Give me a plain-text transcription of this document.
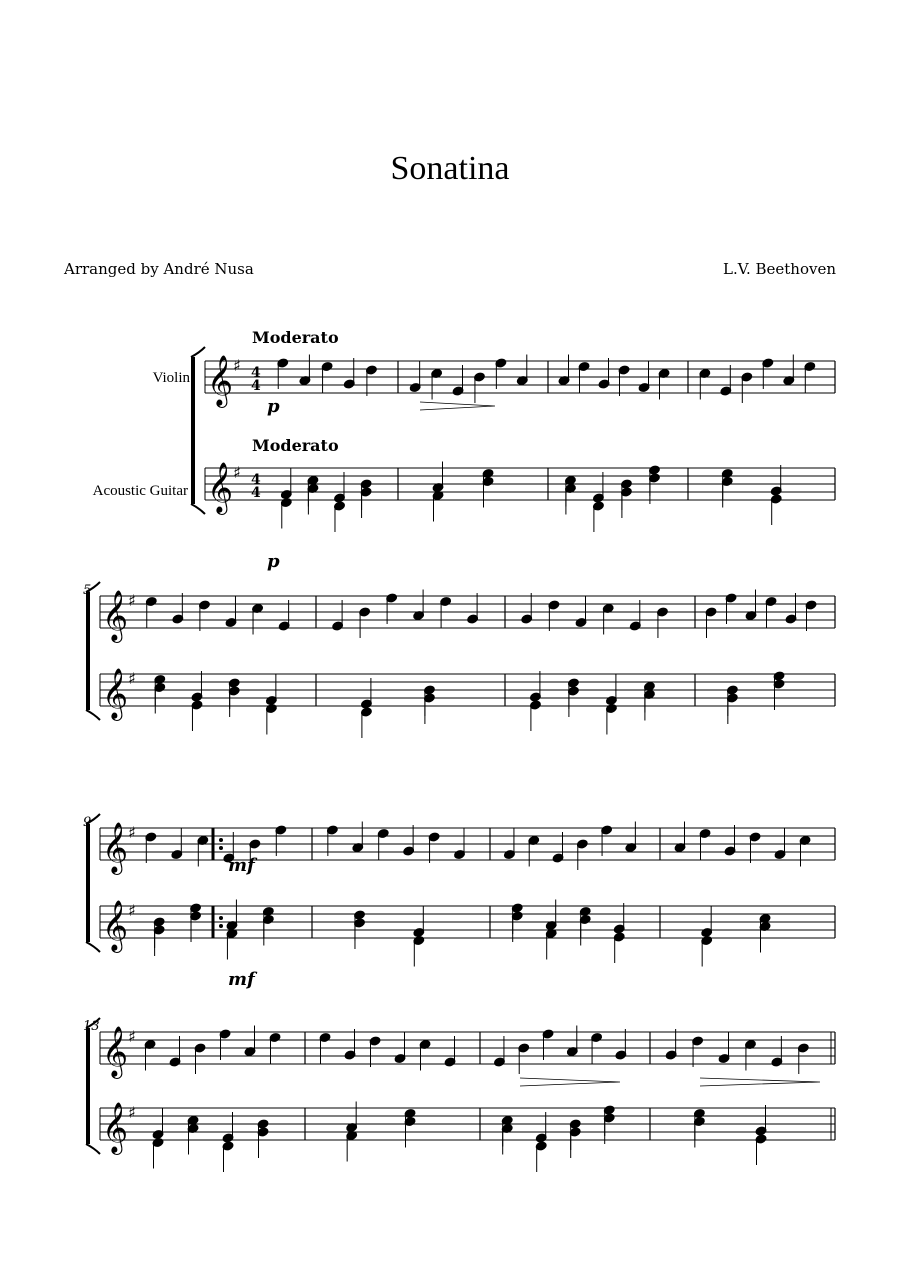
Sonatina
Arranged by André Nusa	L.V. Beethoven
𝄞 ♯
𝄞 ♯
𝄞 ♯
𝄞 ♯
𝄞 ♯
𝄞 ♯
𝄞 ♯
𝄞 ♯
Violin
Acoustic Guitar
Moderato
Moderato
5
9
13
p
p
mf
mf
4
4
4
4
